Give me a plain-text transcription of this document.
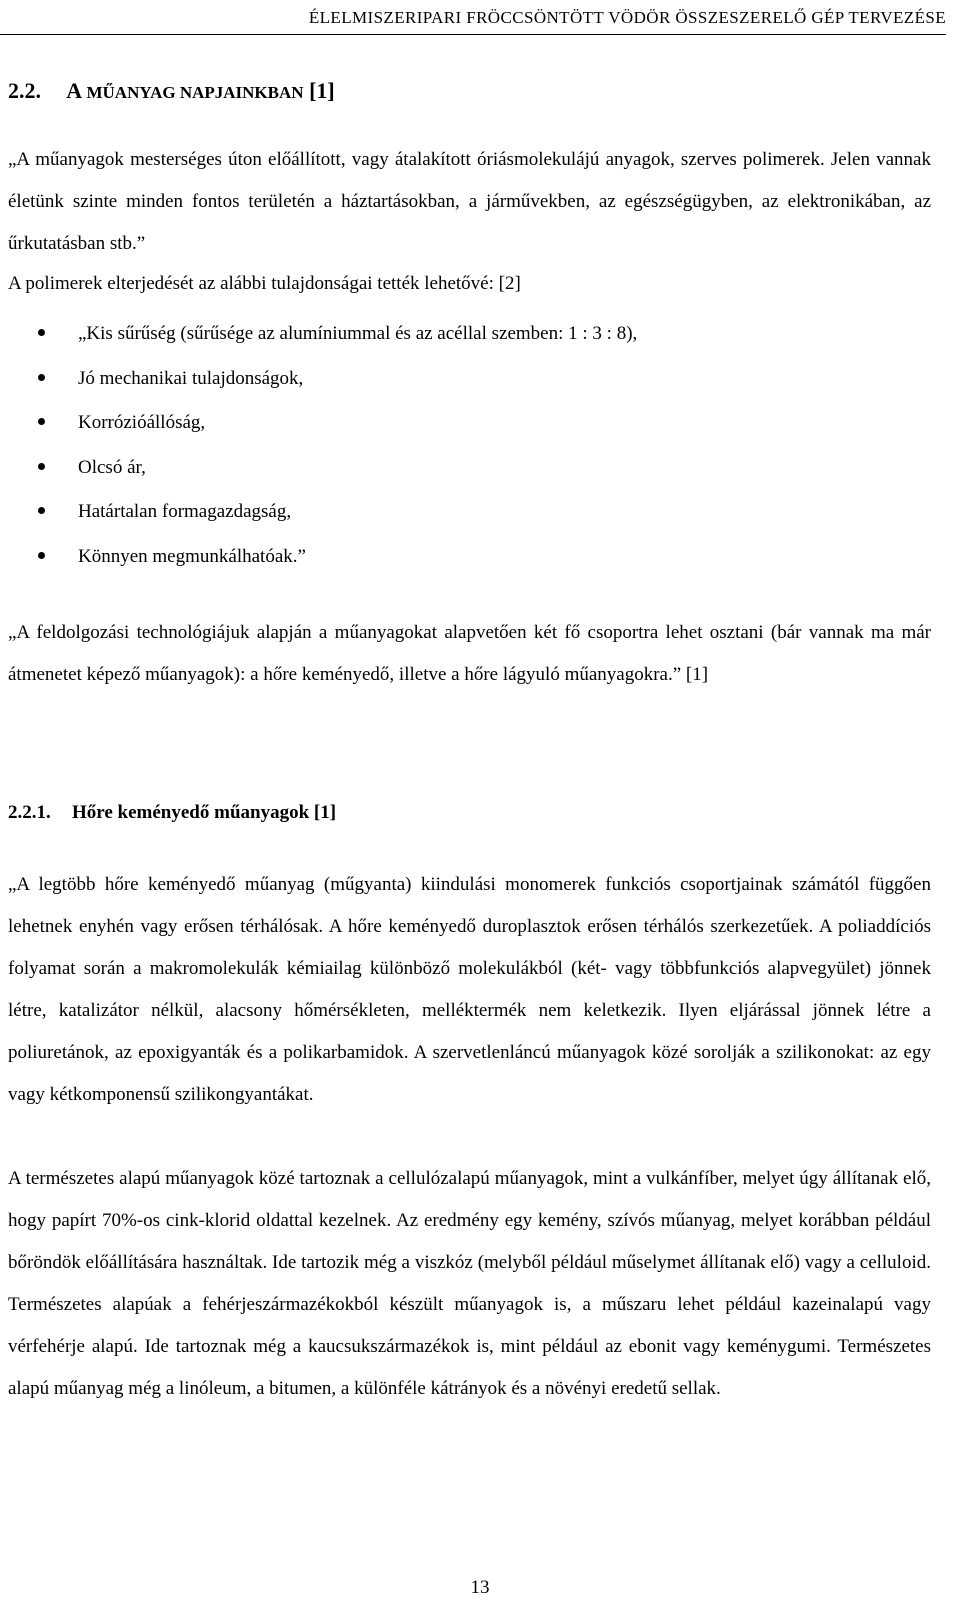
ÉLELMISZERIPARI FRÖCCSÖNTÖTT VÖDÖR ÖSSZESZERELŐ GÉP TERVEZÉSE
2.2. A MŰANYAG NAPJAINKBAN [1]

„A műanyagok mesterséges úton előállított, vagy átalakított óriásmolekulájú anyagok, szerves polimerek. Jelen vannak életünk szinte minden fontos területén a háztartásokban, a járművekben, az egészségügyben, az elektronikában, az űrkutatásban stb.”

A polimerek elterjedését az alábbi tulajdonságai tették lehetővé: [2]

„Kis sűrűség (sűrűsége az alumíniummal és az acéllal szemben: 1 : 3 : 8),
Jó mechanikai tulajdonságok,
Korrózióállóság,
Olcsó ár,
Határtalan formagazdagság,
Könnyen megmunkálhatóak.”

„A feldolgozási technológiájuk alapján a műanyagokat alapvetően két fő csoportra lehet osztani (bár vannak ma már átmenetet képező műanyagok): a hőre keményedő, illetve a hőre lágyuló műanyagokra.” [1]

2.2.1. Hőre keményedő műanyagok [1]

„A legtöbb hőre keményedő műanyag (műgyanta) kiindulási monomerek funkciós csoportjainak számától függően lehetnek enyhén vagy erősen térhálósak. A hőre keményedő duroplasztok erősen térhálós szerkezetűek. A poliaddíciós folyamat során a makromolekulák kémiailag különböző molekulákból (két- vagy többfunkciós alapvegyület) jönnek létre, katalizátor nélkül, alacsony hőmérsékleten, melléktermék nem keletkezik. Ilyen eljárással jönnek létre a poliuretánok, az epoxigyanták és a polikarbamidok. A szervetlenláncú műanyagok közé sorolják a szilikonokat: az egy vagy kétkomponensű szilikongyantákat.

A természetes alapú műanyagok közé tartoznak a cellulózalapú műanyagok, mint a vulkánfíber, melyet úgy állítanak elő, hogy papírt 70%-os cink-klorid oldattal kezelnek. Az eredmény egy kemény, szívós műanyag, melyet korábban például bőröndök előállítására használtak. Ide tartozik még a viszkóz (melyből például műselymet állítanak elő) vagy a celluloid. Természetes alapúak a fehérjeszármazékokból készült műanyagok is, a műszaru lehet például kazeinalapú vagy vérfehérje alapú. Ide tartoznak még a kaucsukszármazékok is, mint például az ebonit vagy keménygumi. Természetes alapú műanyag még a linóleum, a bitumen, a különféle kátrányok és a növényi eredetű sellak.

13
